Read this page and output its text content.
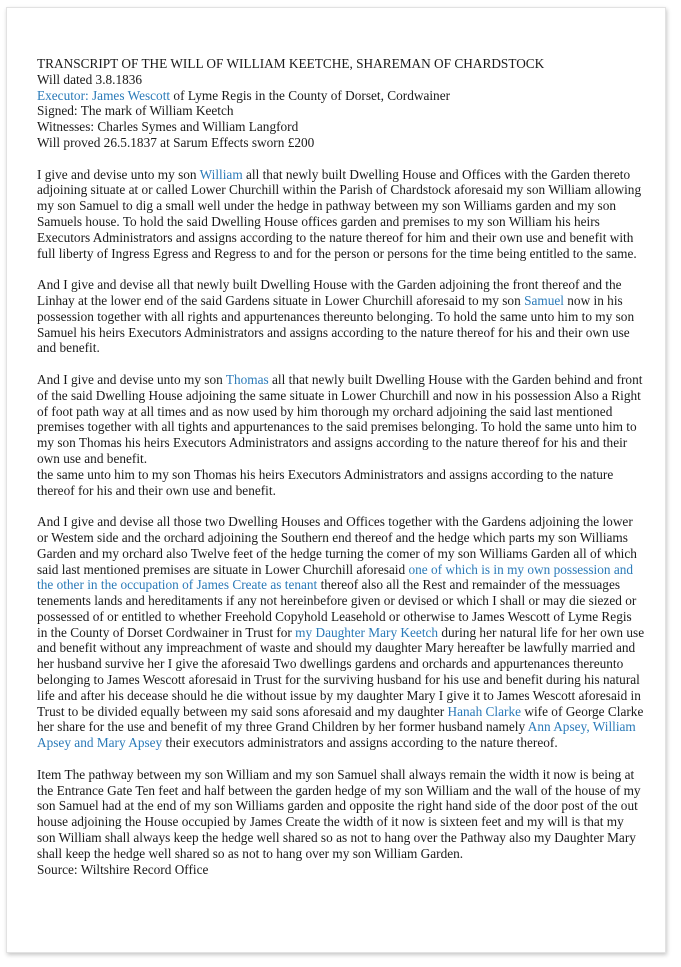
TRANSCRIPT OF THE WILL OF WILLIAM KEETCHE, SHAREMAN OF CHARDSTOCK
Will dated 3.8.1836
Executor: James Wescott of Lyme Regis in the County of Dorset, Cordwainer
Signed: The mark of William Keetch
Witnesses: Charles Symes and William Langford
Will proved 26.5.1837 at Sarum Effects sworn £200

I give and devise unto my son William all that newly built Dwelling House and Offices with the Garden thereto adjoining situate at or called Lower Churchill within the Parish of Chardstock aforesaid my son William allowing my son Samuel to dig a small well under the hedge in pathway between my son Williams garden and my son Samuels house. To hold the said Dwelling House offices garden and premises to my son William his heirs Executors Administrators and assigns according to the nature thereof for him and their own use and benefit with full liberty of Ingress Egress and Regress to and for the person or persons for the time being entitled to the same.

And I give and devise all that newly built Dwelling House with the Garden adjoining the front thereof and the Linhay at the lower end of the said Gardens situate in Lower Churchill aforesaid to my son Samuel now in his possession together with all rights and appurtenances thereunto belonging. To hold the same unto him to my son Samuel his heirs Executors Administrators and assigns according to the nature thereof for his and their own use and benefit.

And I give and devise unto my son Thomas all that newly built Dwelling House with the Garden behind and front of the said Dwelling House adjoining the same situate in Lower Churchill and now in his possession Also a Right of foot path way at all times and as now used by him thorough my orchard adjoining the said last mentioned premises together with all tights and appurtenances to the said premises belonging. To hold the same unto him to my son Thomas his heirs Executors Administrators and assigns according to the nature thereof for his and their own use and benefit.
the same unto him to my son Thomas his heirs Executors Administrators and assigns according to the nature thereof for his and their own use and benefit.

And I give and devise all those two Dwelling Houses and Offices together with the Gardens adjoining the lower or Westem side and the orchard adjoining the Southern end thereof and the hedge which parts my son Williams Garden and my orchard also Twelve feet of the hedge turning the comer of my son Williams Garden all of which said last mentioned premises are situate in Lower Churchill aforesaid one of which is in my own possession and the other in the occupation of James Create as tenant thereof also all the Rest and remainder of the messuages tenements lands and hereditaments if any not hereinbefore given or devised or which I shall or may die siezed or possessed of or entitled to whether Freehold Copyhold Leasehold or otherwise to James Wescott of Lyme Regis in the County of Dorset Cordwainer in Trust for my Daughter Mary Keetch during her natural life for her own use and benefit without any impreachment of waste and should my daughter Mary hereafter be lawfully married and her husband survive her I give the aforesaid Two dwellings gardens and orchards and appurtenances thereunto belonging to James Wescott aforesaid in Trust for the surviving husband for his use and benefit during his natural life and after his decease should he die without issue by my daughter Mary I give it to James Wescott aforesaid in Trust to be divided equally between my said sons aforesaid and my daughter Hanah Clarke wife of George Clarke her share for the use and benefit of my three Grand Children by her former husband namely Ann Apsey, William Apsey and Mary Apsey their executors administrators and assigns according to the nature thereof.

Item The pathway between my son William and my son Samuel shall always remain the width it now is being at the Entrance Gate Ten feet and half between the garden hedge of my son William and the wall of the house of my son Samuel had at the end of my son Williams garden and opposite the right hand side of the door post of the out house adjoining the House occupied by James Create the width of it now is sixteen feet and my will is that my son William shall always keep the hedge well shared so as not to hang over the Pathway also my Daughter Mary shall keep the hedge well shared so as not to hang over my son William Garden.
Source: Wiltshire Record Office
